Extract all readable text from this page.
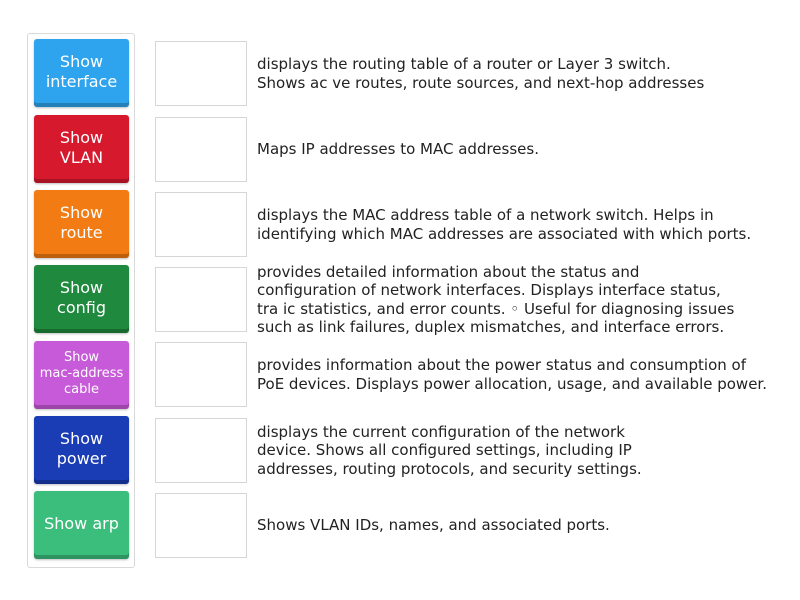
Show
interface
Show
VLAN
Show
route
Show
config
Show
mac-address
cable
Show
power
Show arp
displays the routing table of a router or Layer 3 switch.
Shows ac ve routes, route sources, and next-hop addresses
Maps IP addresses to MAC addresses.
displays the MAC address table of a network switch. Helps in
identifying which MAC addresses are associated with which ports.
provides detailed information about the status and
configuration of network interfaces. Displays interface status,
tra ic statistics, and error counts. ◦ Useful for diagnosing issues
such as link failures, duplex mismatches, and interface errors.
provides information about the power status and consumption of
PoE devices. Displays power allocation, usage, and available power.
displays the current configuration of the network
device. Shows all configured settings, including IP
addresses, routing protocols, and security settings.
Shows VLAN IDs, names, and associated ports.
